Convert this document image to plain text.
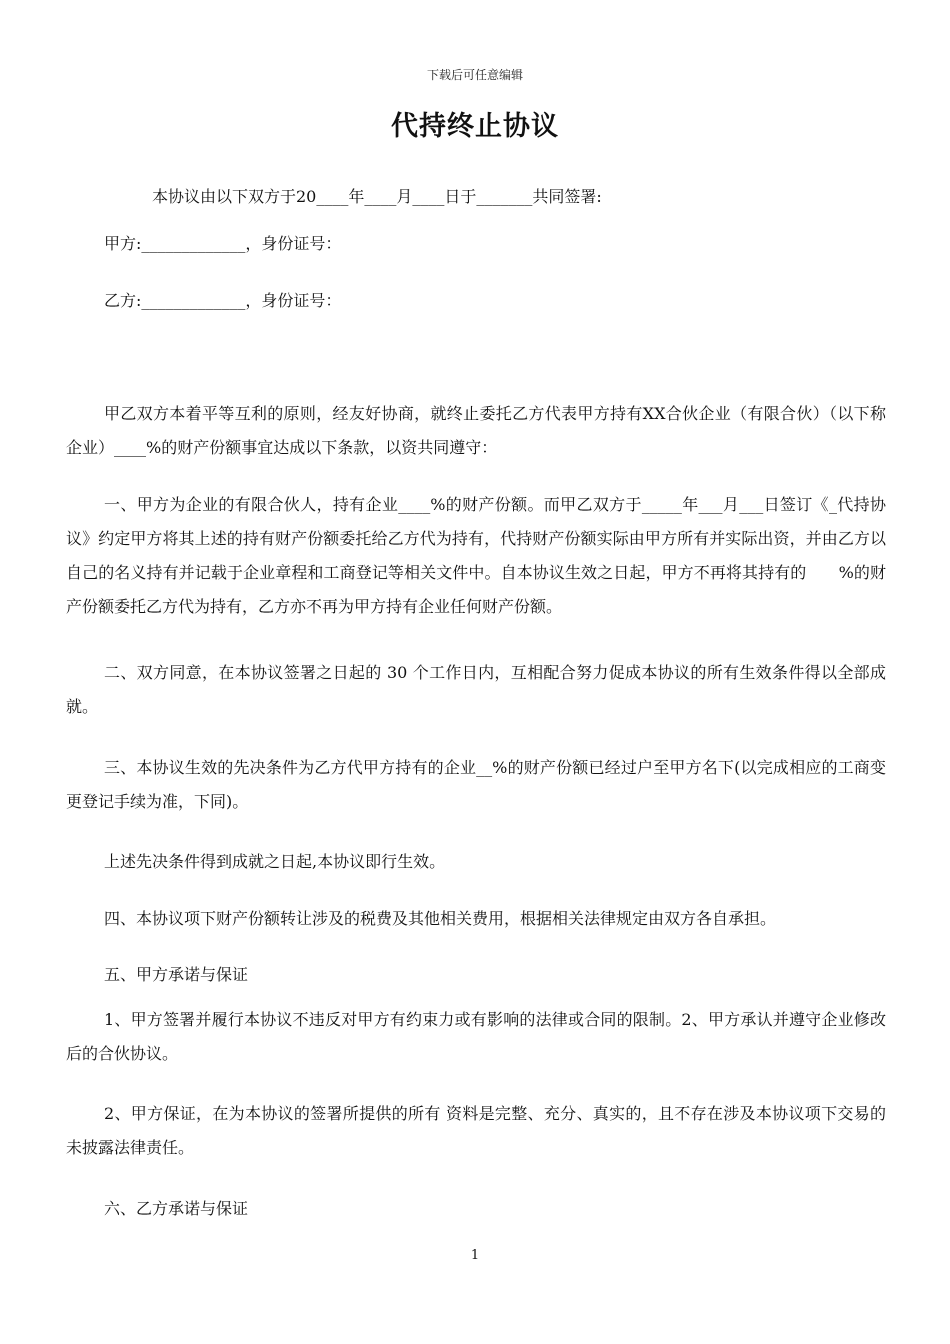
下载后可任意编辑
代持终止协议
本协议由以下双方于20____年____月____日于_______共同签署:
甲方:_____________，身份证号：
乙方:_____________，身份证号：
甲乙双方本着平等互利的原则，经友好协商，就终止委托乙方代表甲方持有XX合伙企业（有限合伙）（以下称企业）____%的财产份额事宜达成以下条款，以资共同遵守：
一、甲方为企业的有限合伙人，持有企业____%的财产份额。而甲乙双方于_____年___月___日签订《_代持协议》约定甲方将其上述的持有财产份额委托给乙方代为持有，代持财产份额实际由甲方所有并实际出资，并由乙方以自己的名义持有并记载于企业章程和工商登记等相关文件中。自本协议生效之日起，甲方不再将其持有的　　%的财产份额委托乙方代为持有，乙方亦不再为甲方持有企业任何财产份额。
二、双方同意，在本协议签署之日起的 30 个工作日内，互相配合努力促成本协议的所有生效条件得以全部成就。
三、本协议生效的先决条件为乙方代甲方持有的企业__%的财产份额已经过户至甲方名下(以完成相应的工商变更登记手续为准，下同)。
上述先决条件得到成就之日起,本协议即行生效。
四、本协议项下财产份额转让涉及的税费及其他相关费用，根据相关法律规定由双方各自承担。
五、甲方承诺与保证
1、甲方签署并履行本协议不违反对甲方有约束力或有影响的法律或合同的限制。2、甲方承认并遵守企业修改后的合伙协议。
2、甲方保证，在为本协议的签署所提供的所有 资料是完整、充分、真实的，且不存在涉及本协议项下交易的未披露法律责任。
六、乙方承诺与保证
1
